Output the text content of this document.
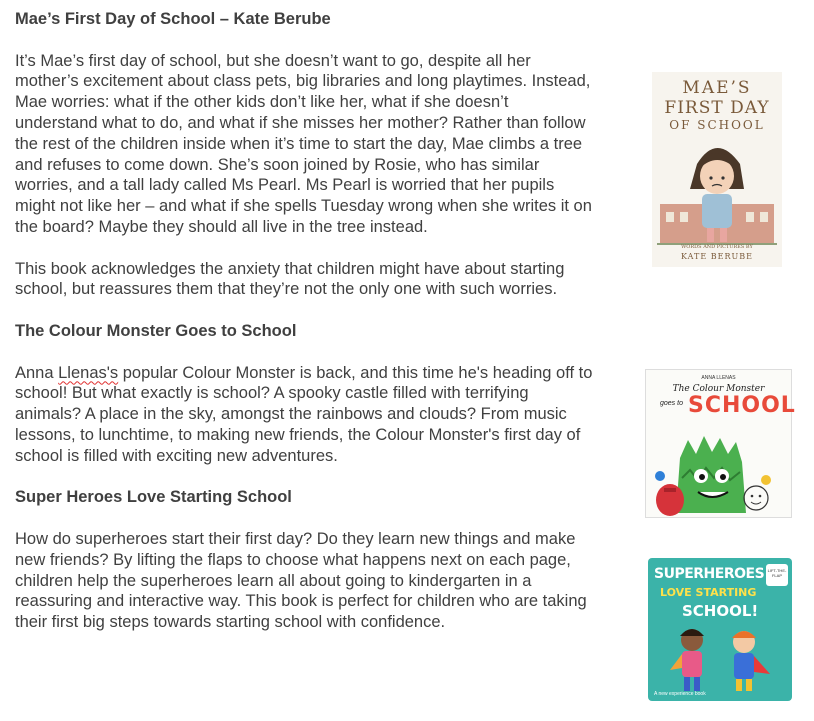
Mae’s First Day of School – Kate Berube

It’s Mae’s first day of school, but she doesn’t want to go, despite all her mother’s excitement about class pets, big libraries and long playtimes. Instead, Mae worries: what if the other kids don’t like her, what if she doesn’t understand what to do, and what if she misses her mother? Rather than follow the rest of the children inside when it’s time to start the day, Mae climbs a tree and refuses to come down. She’s soon joined by Rosie, who has similar worries, and a tall lady called Ms Pearl. Ms Pearl is worried that her pupils might not like her – and what if she spells Tuesday wrong when she writes it on the board? Maybe they should all live in the tree instead.

This book acknowledges the anxiety that children might have about starting school, but reassures them that they’re not the only one with such worries.

The Colour Monster Goes to School

Anna Llenas's popular Colour Monster is back, and this time he's heading off to school! But what exactly is school? A spooky castle filled with terrifying animals? A place in the sky, amongst the rainbows and clouds? From music lessons, to lunchtime, to making new friends, the Colour Monster's first day of school is filled with exciting new adventures.

Super Heroes Love Starting School

How do superheroes start their first day? Do they learn new things and make new friends? By lifting the flaps to choose what happens next on each page, children help the superheroes learn all about going to kindergarten in a reassuring and interactive way. This book is perfect for children who are taking their first big steps towards starting school with confidence.

MAE’S
FIRST DAY
OF SCHOOL
WORDS AND PICTURES BY
KATE BERUBE
ANNA LLENAS
The Colour Monster
goes to SCHOOL
SUPERHEROES
LOVE STARTING
SCHOOL!
LIFT-THE-FLAP
A new experience book
